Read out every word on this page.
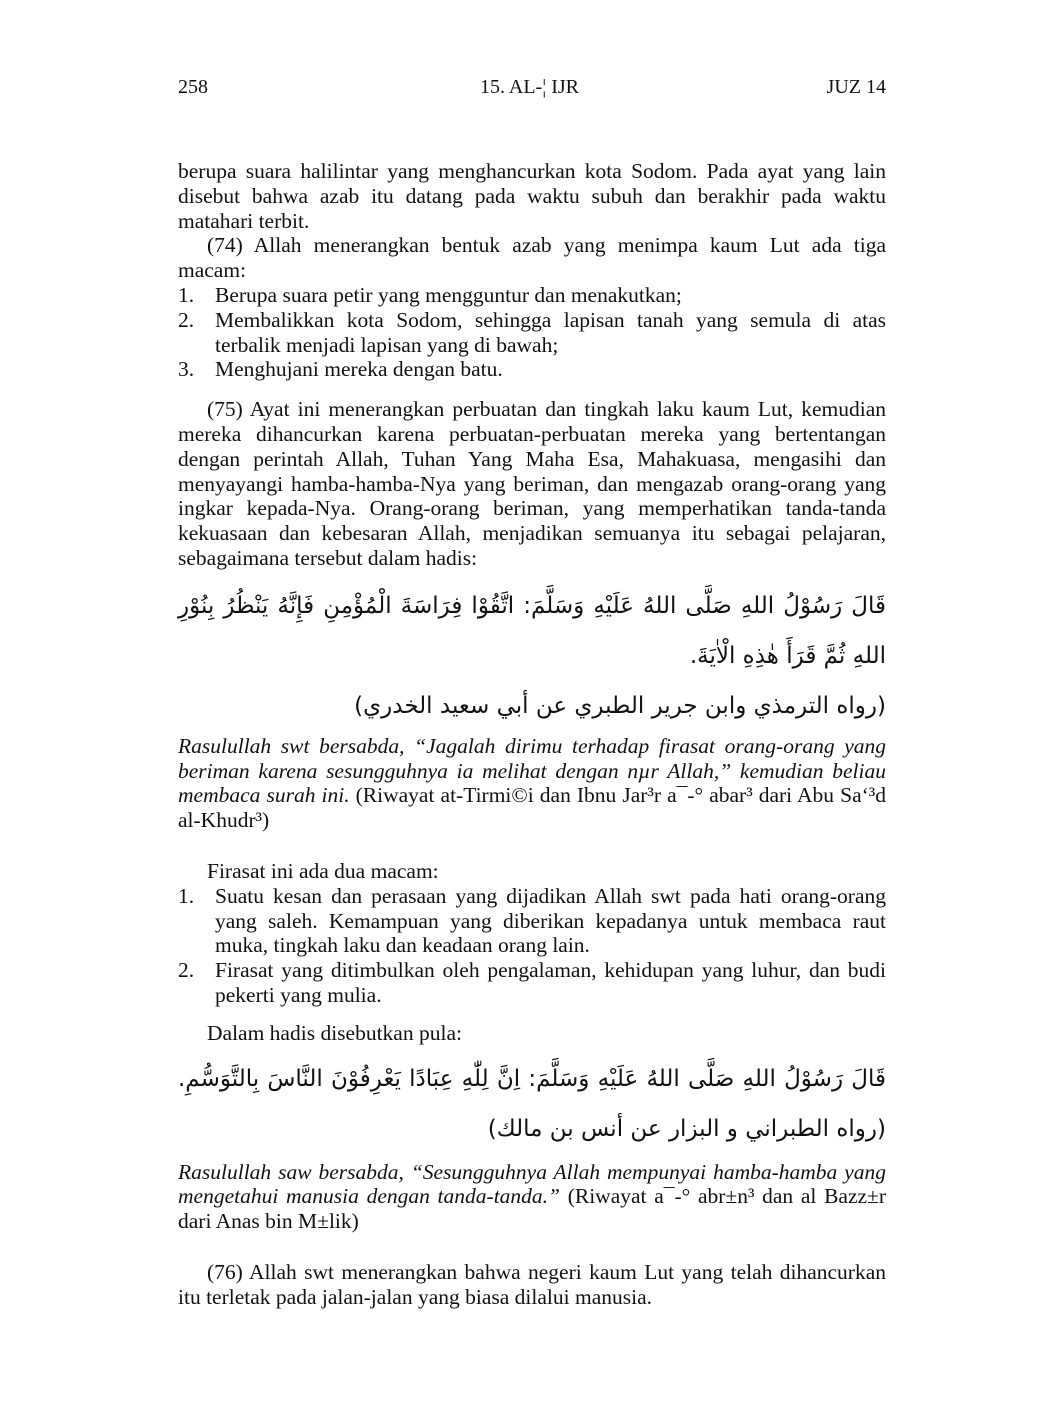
258	15. AL-¦ IJR	JUZ 14
berupa suara halilintar yang menghancurkan kota Sodom. Pada ayat yang lain disebut bahwa azab itu datang pada waktu subuh dan berakhir pada waktu matahari terbit.
(74) Allah menerangkan bentuk azab yang menimpa kaum Lut ada tiga macam:
1. Berupa suara petir yang mengguntur dan menakutkan;
2. Membalikkan kota Sodom, sehingga lapisan tanah yang semula di atas terbalik menjadi lapisan yang di bawah;
3. Menghujani mereka dengan batu.
(75) Ayat ini menerangkan perbuatan dan tingkah laku kaum Lut, kemudian mereka dihancurkan karena perbuatan-perbuatan mereka yang bertentangan dengan perintah Allah, Tuhan Yang Maha Esa, Mahakuasa, mengasihi dan menyayangi hamba-hamba-Nya yang beriman, dan mengazab orang-orang yang ingkar kepada-Nya. Orang-orang beriman, yang memperhatikan tanda-tanda kekuasaan dan kebesaran Allah, menjadikan semuanya itu sebagai pelajaran, sebagaimana tersebut dalam hadis:
قَالَ رَسُوْلُ اللهِ صَلَّى اللهُ عَلَيْهِ وَسَلَّمَ: اتَّقُوْا فِرَاسَةَ الْمُؤْمِنِ فَإِنَّهُ يَنْظُرُ بِنُوْرِ اللهِ ثُمَّ قَرَأَ هٰذِهِ الْاٰيَةَ.
(رواه الترمذي وابن جرير الطبري عن أبي سعيد الخدري)
Rasulullah swt bersabda, “Jagalah dirimu terhadap firasat orang-orang yang beriman karena sesungguhnya ia melihat dengan nµr Allah,” kemudian beliau membaca surah ini. (Riwayat at-Tirmi©i dan Ibnu Jar³r a¯-° abar³ dari Abu Sa‘³d al-Khudr³)
Firasat ini ada dua macam:
1. Suatu kesan dan perasaan yang dijadikan Allah swt pada hati orang-orang yang saleh. Kemampuan yang diberikan kepadanya untuk membaca raut muka, tingkah laku dan keadaan orang lain.
2. Firasat yang ditimbulkan oleh pengalaman, kehidupan yang luhur, dan budi pekerti yang mulia.
Dalam hadis disebutkan pula:
قَالَ رَسُوْلُ اللهِ صَلَّى اللهُ عَلَيْهِ وَسَلَّمَ: اِنَّ لِلّٰهِ عِبَادًا يَعْرِفُوْنَ النَّاسَ بِالتَّوَسُّمِ. (رواه الطبراني و البزار عن أنس بن مالك)
Rasulullah saw bersabda, “Sesungguhnya Allah mempunyai hamba-hamba yang mengetahui manusia dengan tanda-tanda.” (Riwayat a¯-° abr±n³ dan al Bazz±r dari Anas bin M±lik)
(76) Allah swt menerangkan bahwa negeri kaum Lut yang telah dihancurkan itu terletak pada jalan-jalan yang biasa dilalui manusia.
